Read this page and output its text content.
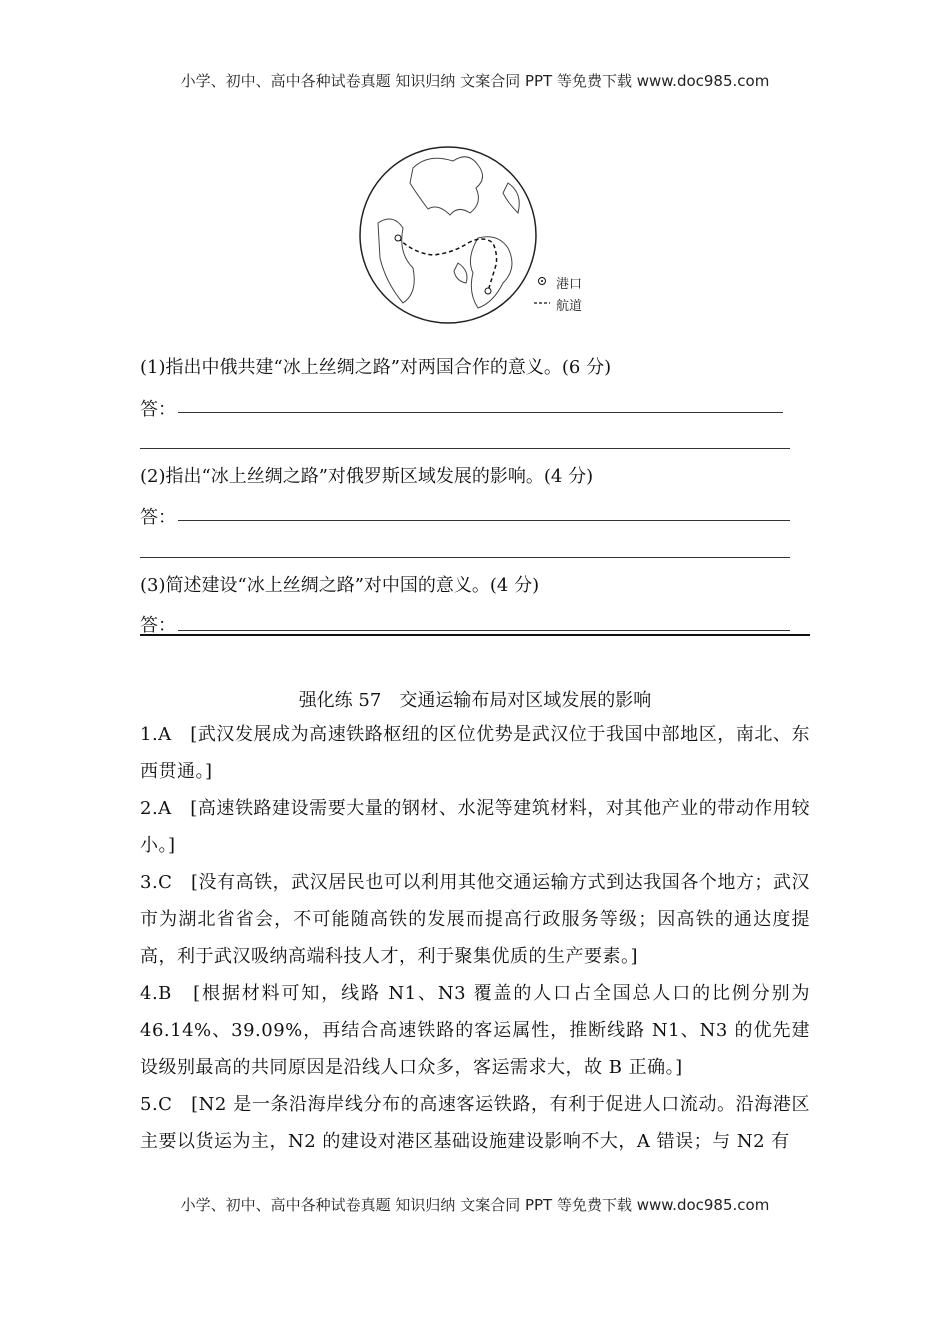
小学、初中、高中各种试卷真题 知识归纳 文案合同 PPT 等免费下载 www.doc985.com
港口
航道
(1)指出中俄共建“冰上丝绸之路”对两国合作的意义。(6 分)
答：
(2)指出“冰上丝绸之路”对俄罗斯区域发展的影响。(4 分)
答：
(3)简述建设“冰上丝绸之路”对中国的意义。(4 分)
答：
强化练 57　交通运输布局对区域发展的影响
1.A　[武汉发展成为高速铁路枢纽的区位优势是武汉位于我国中部地区，南北、东西贯通。]
2.A　[高速铁路建设需要大量的钢材、水泥等建筑材料，对其他产业的带动作用较小。]
3.C　[没有高铁，武汉居民也可以利用其他交通运输方式到达我国各个地方；武汉市为湖北省省会，不可能随高铁的发展而提高行政服务等级；因高铁的通达度提高，利于武汉吸纳高端科技人才，利于聚集优质的生产要素。]
4.B　[根据材料可知，线路 N1、N3 覆盖的人口占全国总人口的比例分别为 46.14%、39.09%，再结合高速铁路的客运属性，推断线路 N1、N3 的优先建设级别最高的共同原因是沿线人口众多，客运需求大，故 B 正确。]
5.C　[N2 是一条沿海岸线分布的高速客运铁路，有利于促进人口流动。沿海港区主要以货运为主，N2 的建设对港区基础设施建设影响不大，A 错误；与 N2 有
小学、初中、高中各种试卷真题 知识归纳 文案合同 PPT 等免费下载 www.doc985.com
